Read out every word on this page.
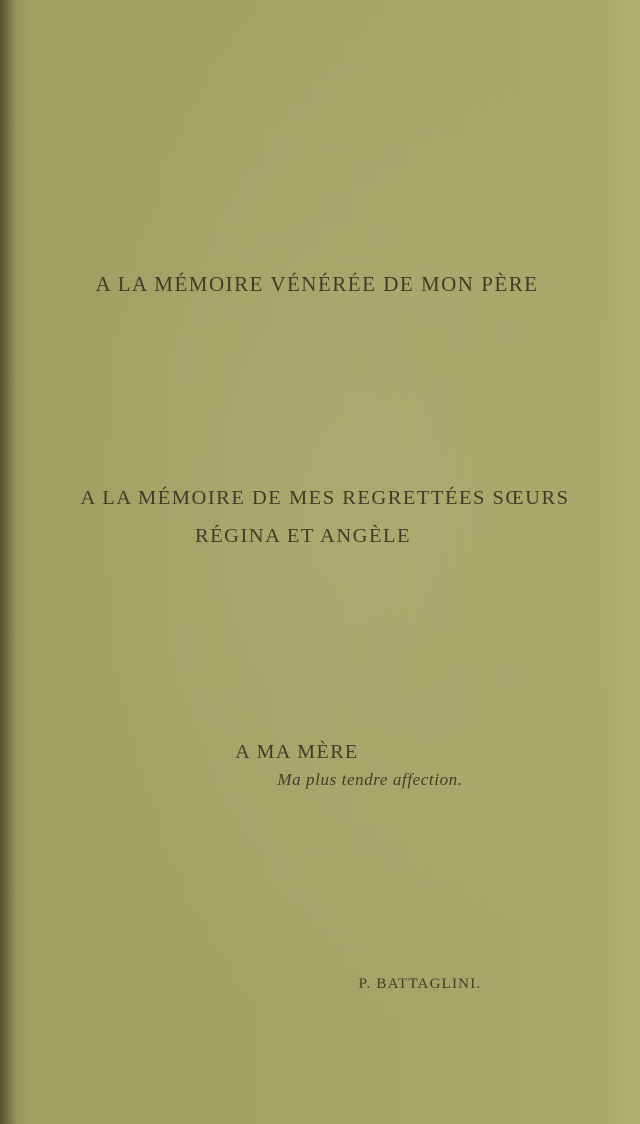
A LA MÉMOIRE VÉNÉRÉE DE MON PÈRE
A LA MÉMOIRE DE MES REGRETTÉES SŒURS
RÉGINA ET ANGÈLE
A MA MÈRE
Ma plus tendre affection.
P. BATTAGLINI.
